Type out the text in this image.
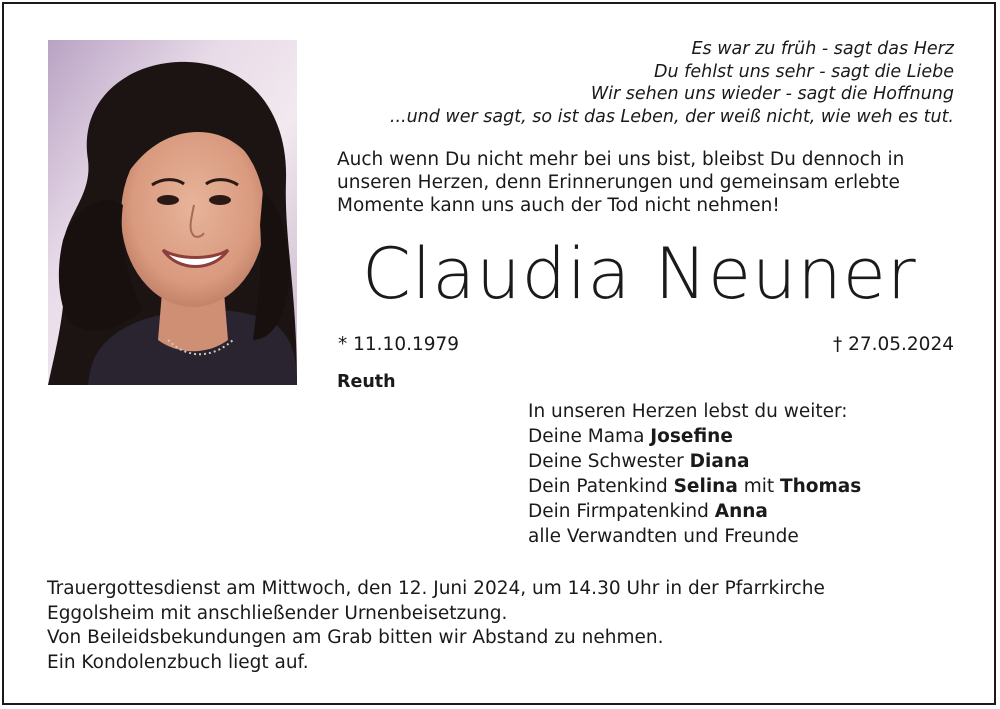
Es war zu früh - sagt das Herz
Du fehlst uns sehr - sagt die Liebe
Wir sehen uns wieder - sagt die Hoffnung
...und wer sagt, so ist das Leben, der weiß nicht, wie weh es tut.
Auch wenn Du nicht mehr bei uns bist, bleibst Du dennoch in
unseren Herzen, denn Erinnerungen und gemeinsam erlebte
Momente kann uns auch der Tod nicht nehmen!
Claudia Neuner
* 11.10.1979	† 27.05.2024
Reuth
In unseren Herzen lebst du weiter:
Deine Mama Josefine
Deine Schwester Diana
Dein Patenkind Selina mit Thomas
Dein Firmpatenkind Anna
alle Verwandten und Freunde
Trauergottesdienst am Mittwoch, den 12. Juni 2024, um 14.30 Uhr in der Pfarrkirche
Eggolsheim mit anschließender Urnenbeisetzung.
Von Beileidsbekundungen am Grab bitten wir Abstand zu nehmen.
Ein Kondolenzbuch liegt auf.
